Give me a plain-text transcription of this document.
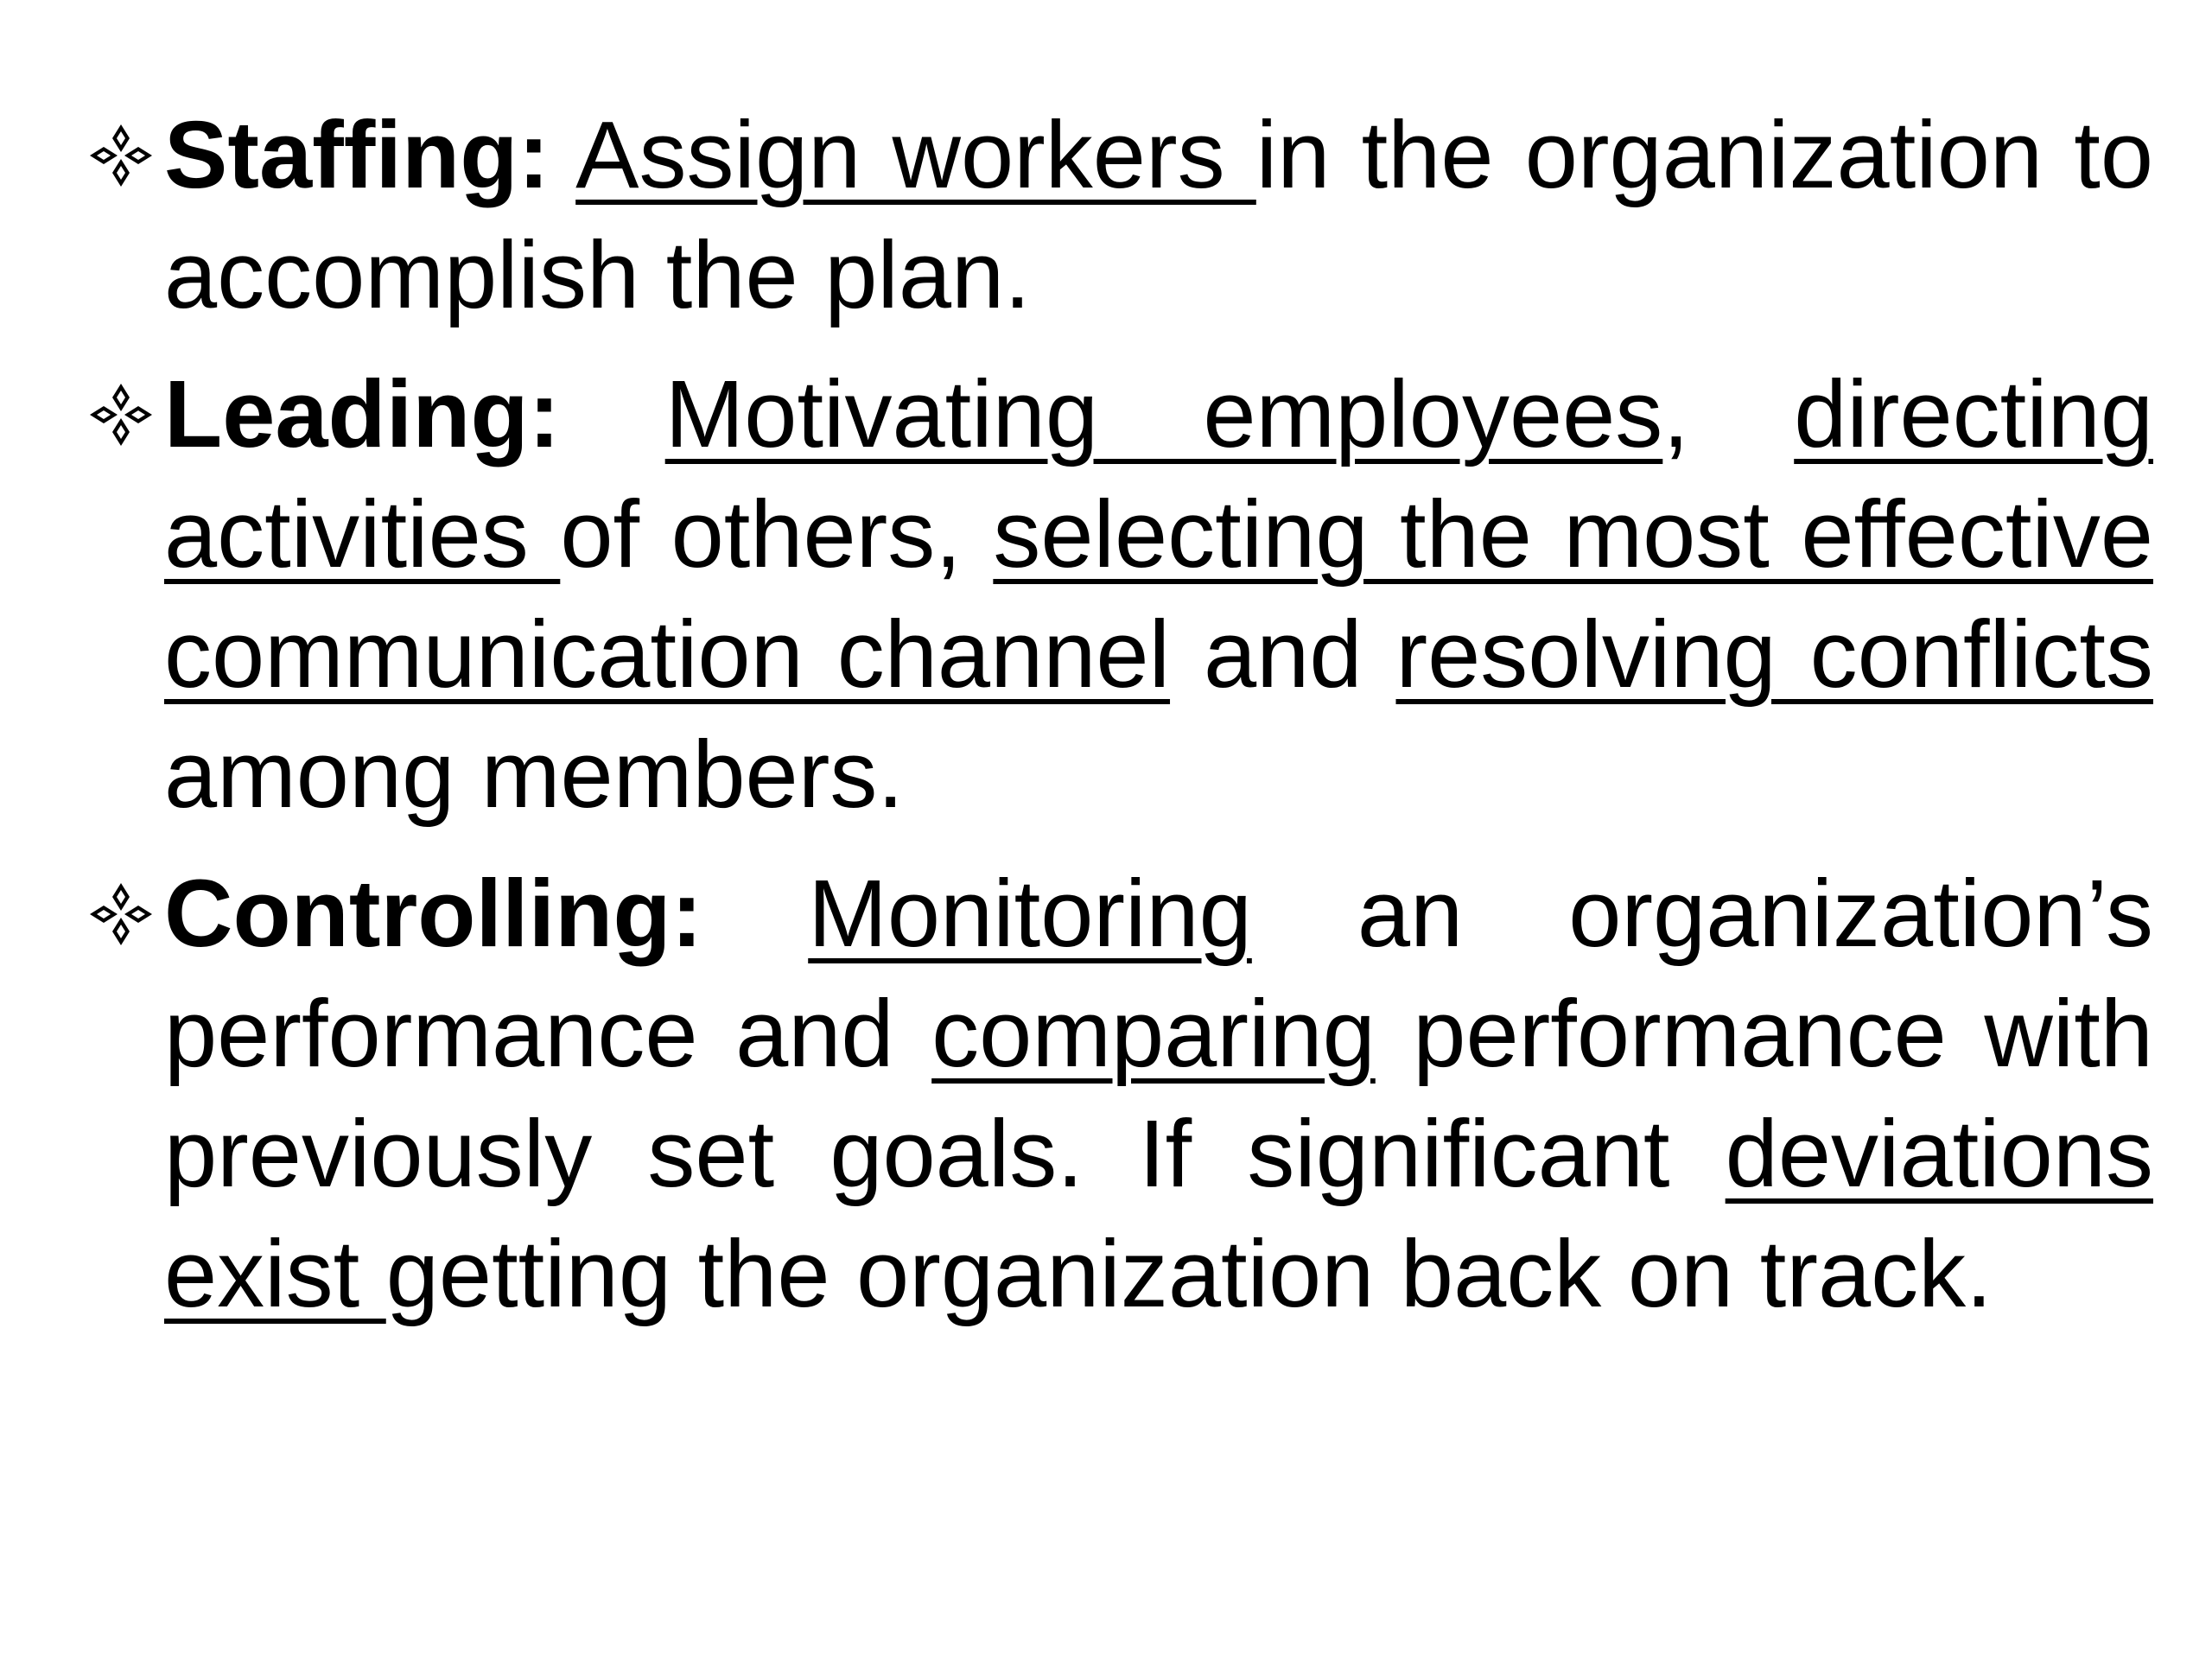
Staffing: Assign workers in the organization to accomplish the plan.
Leading: Motivating employees, directing activities of others, selecting the most effective communication channel and resolving conflicts among members.
Controlling: Monitoring an organization’s performance and comparing performance with previously set goals. If significant deviations exist getting the organization back on track.
